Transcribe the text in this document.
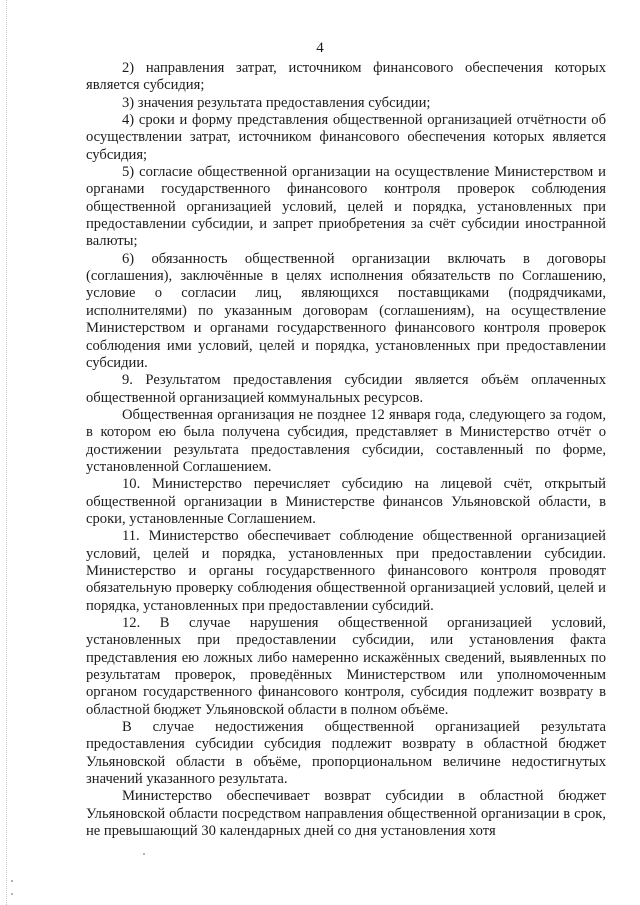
4

2) направления затрат, источником финансового обеспечения которых является субсидия;

3) значения результата предоставления субсидии;

4) сроки и форму представления общественной организацией отчётности об осуществлении затрат, источником финансового обеспечения которых является субсидия;

5) согласие общественной организации на осуществление Министерством и органами государственного финансового контроля проверок соблюдения общественной организацией условий, целей и порядка, установленных при предоставлении субсидии, и запрет приобретения за счёт субсидии иностранной валюты;

6) обязанность общественной организации включать в договоры (соглашения), заключённые в целях исполнения обязательств по Соглашению, условие о согласии лиц, являющихся поставщиками (подрядчиками, исполнителями) по указанным договорам (соглашениям), на осуществление Министерством и органами государственного финансового контроля проверок соблюдения ими условий, целей и порядка, установленных при предоставлении субсидии.

9. Результатом предоставления субсидии является объём оплаченных общественной организацией коммунальных ресурсов.

Общественная организация не позднее 12 января года, следующего за годом, в котором ею была получена субсидия, представляет в Министерство отчёт о достижении результата предоставления субсидии, составленный по форме, установленной Соглашением.

10. Министерство перечисляет субсидию на лицевой счёт, открытый общественной организации в Министерстве финансов Ульяновской области, в сроки, установленные Соглашением.

11. Министерство обеспечивает соблюдение общественной организацией условий, целей и порядка, установленных при предоставлении субсидии. Министерство и органы государственного финансового контроля проводят обязательную проверку соблюдения общественной организацией условий, целей и порядка, установленных при предоставлении субсидий.

12. В случае нарушения общественной организацией условий, установленных при предоставлении субсидии, или установления факта представления ею ложных либо намеренно искажённых сведений, выявленных по результатам проверок, проведённых Министерством или уполномоченным органом государственного финансового контроля, субсидия подлежит возврату в областной бюджет Ульяновской области в полном объёме.

В случае недостижения общественной организацией результата предоставления субсидии субсидия подлежит возврату в областной бюджет Ульяновской области в объёме, пропорциональном величине недостигнутых значений указанного результата.

Министерство обеспечивает возврат субсидии в областной бюджет Ульяновской области посредством направления общественной организации в срок, не превышающий 30 календарных дней со дня установления хотя
